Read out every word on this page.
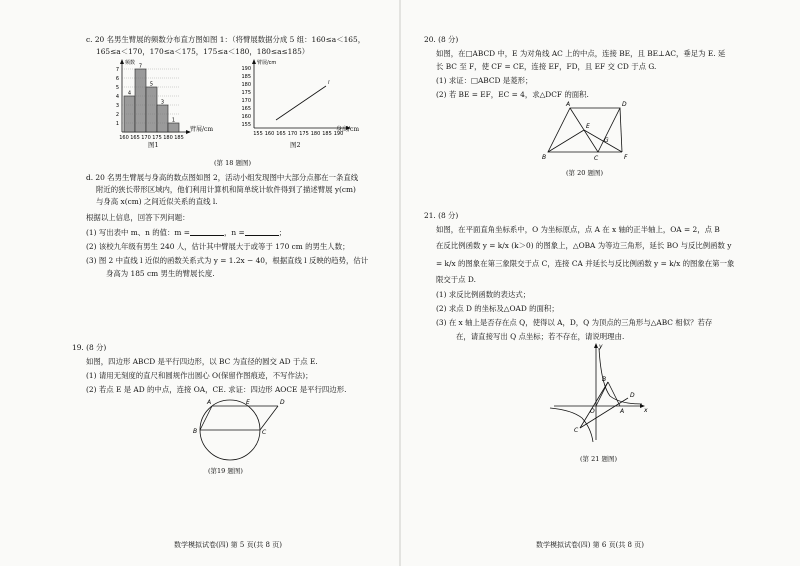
c. 20 名男生臂展的频数分布直方图如图 1：（将臂展数据分成 5 组：160≤a＜165，
165≤a＜170，170≤a＜175，175≤a＜180，180≤a≤185）
4
7
5
3
1
1
2
3
4
5
6
7
160 165 170 175 180 185
频数
臂展/cm
图1
155
160
165
170
175
180
185
190
155 160 165 170 175 180 185 190
l
臂展/cm
身高/cm
图2
(第 18 题图)
d. 20 名男生臂展与身高的数点图如图 2，活动小组发现图中大部分点都在一条直线
附近的狭长带形区域内，他们利用计算机和简单统计软件得到了描述臂展 y(cm)
与身高 x(cm) 之间近似关系的直线 l.
根据以上信息，回答下列问题：
(1) 写出表中 m、n 的值：m =	，n =	；
(2) 该校九年级有男生 240 人，估计其中臂展大于或等于 170 cm 的男生人数；
(3) 图 2 中直线 l 近似的函数关系式为 y = 1.2x − 40，根据直线 l 反映的趋势，估计
身高为 185 cm 男生的臂展长度.
19. (8 分)
如图，四边形 ABCD 是平行四边形，以 BC 为直径的圆交 AD 于点 E.
(1) 请用无刻度的直尺和圆规作出圆心 O(保留作图痕迹，不写作法)；
(2) 若点 E 是 AD 的中点，连接 OA，CE. 求证：四边形 AOCE 是平行四边形.
A	E	D
B	C
(第19 题图)
数学模拟试卷(四) 第 5 页(共 8 页)
20. (8 分)
如图，在□ABCD 中，E 为对角线 AC 上的中点，连接 BE，且 BE⊥AC，垂足为 E. 延
长 BC 至 F，使 CF = CE，连接 EF，FD，且 EF 交 CD 于点 G.
(1) 求证：□ABCD 是菱形；
(2) 若 BE = EF，EC = 4，求△DCF 的面积.
A	D
E
G
B	C	F
(第 20 题图)
21. (8 分)
如图，在平面直角坐标系中，O 为坐标原点，点 A 在 x 轴的正半轴上，OA = 2，点 B
在反比例函数 y = k/x (k＞0) 的图象上，△OBA 为等边三角形，延长 BO 与反比例函数 y
= k/x 的图象在第三象限交于点 C，连接 CA 并延长与反比例函数 y = k/x 的图象在第一象
限交于点 D.
(1) 求反比例函数的表达式；
(2) 求点 D 的坐标及△OAD 的面积；
(3) 在 x 轴上是否存在点 Q，使得以 A，D，Q 为顶点的三角形与△ABC 相似？若存
在，请直接写出 Q 点坐标；若不存在，请说明理由.
y
x
O	A
B
C
D
(第 21 题图)
数学模拟试卷(四) 第 6 页(共 8 页)
